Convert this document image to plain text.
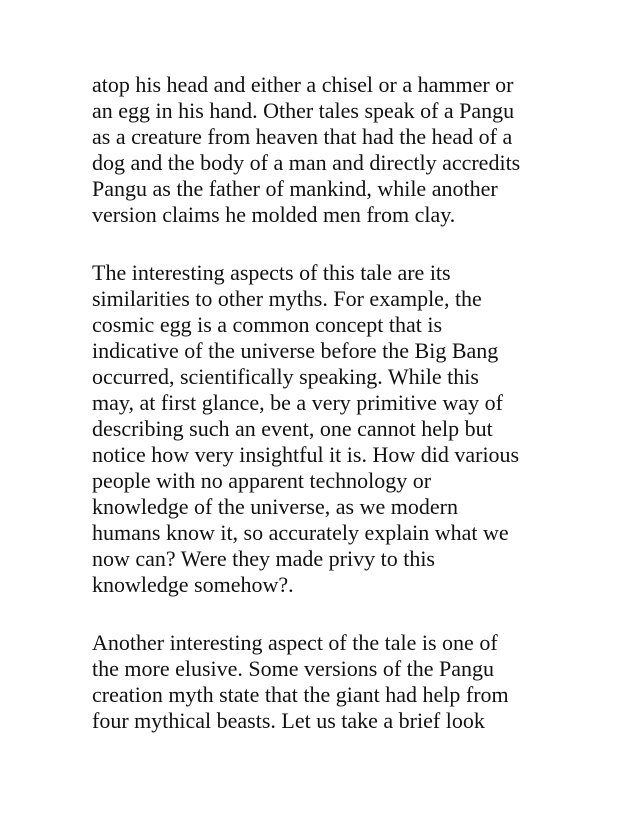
atop his head and either a chisel or a hammer or
an egg in his hand. Other tales speak of a Pangu
as a creature from heaven that had the head of a
dog and the body of a man and directly accredits
Pangu as the father of mankind, while another
version claims he molded men from clay.
The interesting aspects of this tale are its
similarities to other myths. For example, the
cosmic egg is a common concept that is
indicative of the universe before the Big Bang
occurred, scientifically speaking. While this
may, at first glance, be a very primitive way of
describing such an event, one cannot help but
notice how very insightful it is. How did various
people with no apparent technology or
knowledge of the universe, as we modern
humans know it, so accurately explain what we
now can? Were they made privy to this
knowledge somehow?.
Another interesting aspect of the tale is one of
the more elusive. Some versions of the Pangu
creation myth state that the giant had help from
four mythical beasts. Let us take a brief look
